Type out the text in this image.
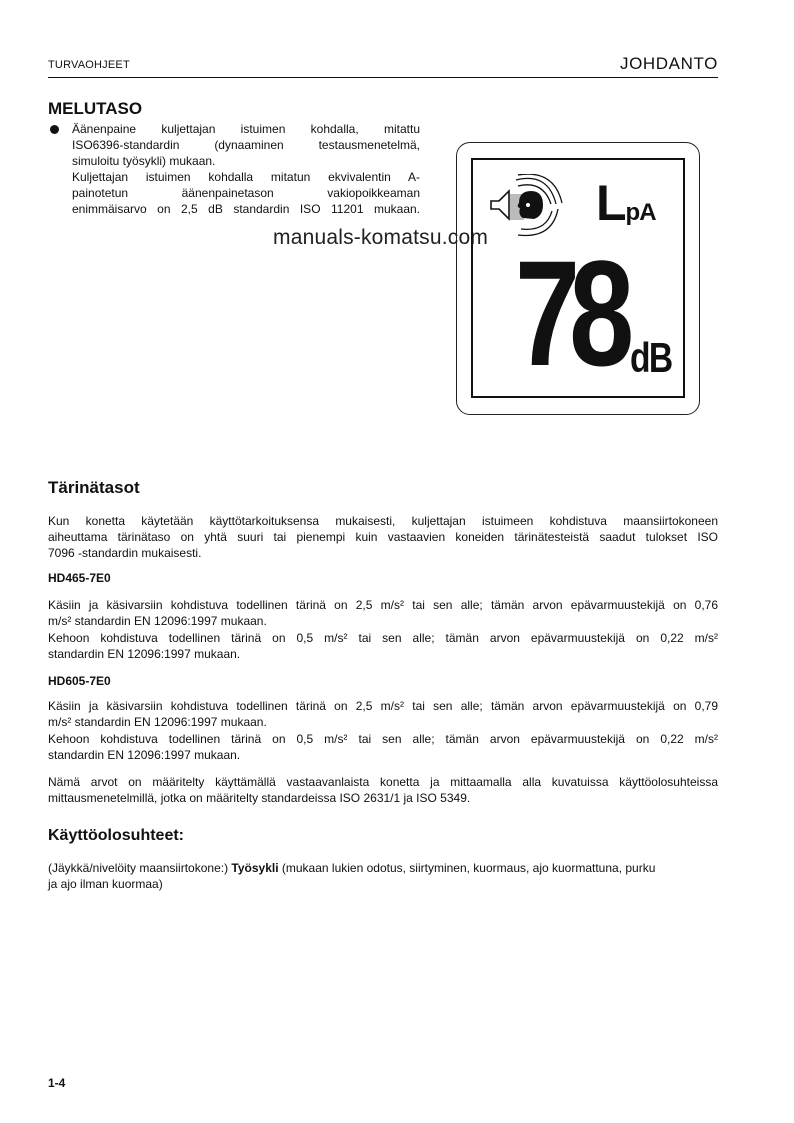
TURVAOHJEET	JOHDANTO
MELUTASO
Äänenpaine kuljettajan istuimen kohdalla, mitattu
ISO6396-standardin (dynaaminen testausmenetelmä,
simuloitu työsykli) mukaan.
Kuljettajan istuimen kohdalla mitatun ekvivalentin A-
painotetun äänenpainetason vakiopoikkeaman
enimmäisarvo on 2,5 dB standardin ISO 11201 mukaan.
manuals-komatsu.com
LpA
78 dB
Tärinätasot
Kun konetta käytetään käyttötarkoituksensa mukaisesti, kuljettajan istuimeen kohdistuva maansiirtokoneen
aiheuttama tärinätaso on yhtä suuri tai pienempi kuin vastaavien koneiden tärinätesteistä saadut tulokset ISO
7096 -standardin mukaisesti.
HD465-7E0
Käsiin ja käsivarsiin kohdistuva todellinen tärinä on 2,5 m/s² tai sen alle; tämän arvon epävarmuustekijä on 0,76
m/s² standardin EN 12096:1997 mukaan.
Kehoon kohdistuva todellinen tärinä on 0,5 m/s² tai sen alle; tämän arvon epävarmuustekijä on 0,22 m/s²
standardin EN 12096:1997 mukaan.
HD605-7E0
Käsiin ja käsivarsiin kohdistuva todellinen tärinä on 2,5 m/s² tai sen alle; tämän arvon epävarmuustekijä on 0,79
m/s² standardin EN 12096:1997 mukaan.
Kehoon kohdistuva todellinen tärinä on 0,5 m/s² tai sen alle; tämän arvon epävarmuustekijä on 0,22 m/s²
standardin EN 12096:1997 mukaan.
Nämä arvot on määritelty käyttämällä vastaavanlaista konetta ja mittaamalla alla kuvatuissa käyttöolosuhteissa
mittausmenetelmillä, jotka on määritelty standardeissa ISO 2631/1 ja ISO 5349.
Käyttöolosuhteet:
(Jäykkä/nivelöity maansiirtokone:) Työsykli (mukaan lukien odotus, siirtyminen, kuormaus, ajo kuormattuna, purku
ja ajo ilman kuormaa)
1-4
